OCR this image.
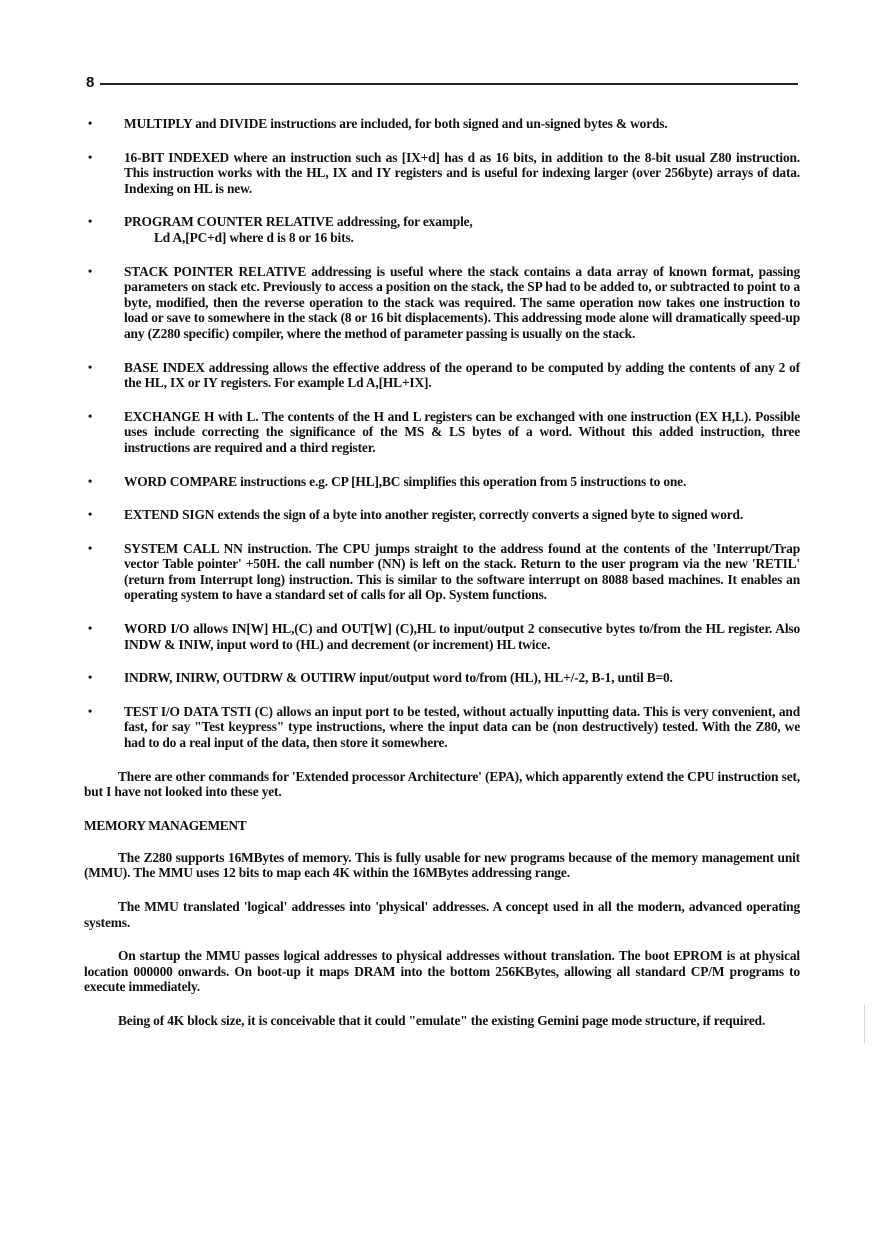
8
• MULTIPLY and DIVIDE instructions are included, for both signed and un-signed bytes & words.
• 16-BIT INDEXED where an instruction such as [IX+d] has d as 16 bits, in addition to the 8-bit usual Z80 instruction. This instruction works with the HL, IX and IY registers and is useful for indexing larger (over 256byte) arrays of data. Indexing on HL is new.
• PROGRAM COUNTER RELATIVE addressing, for example,
Ld A,[PC+d] where d is 8 or 16 bits.
• STACK POINTER RELATIVE addressing is useful where the stack contains a data array of known format, passing parameters on stack etc. Previously to access a position on the stack, the SP had to be added to, or subtracted to point to a byte, modified, then the reverse operation to the stack was required. The same operation now takes one instruction to load or save to somewhere in the stack (8 or 16 bit displacements). This addressing mode alone will dramatically speed-up any (Z280 specific) compiler, where the method of parameter passing is usually on the stack.
• BASE INDEX addressing allows the effective address of the operand to be computed by adding the contents of any 2 of the HL, IX or IY registers. For example Ld A,[HL+IX].
• EXCHANGE H with L. The contents of the H and L registers can be exchanged with one instruction (EX H,L). Possible uses include correcting the significance of the MS & LS bytes of a word. Without this added instruction, three instructions are required and a third register.
• WORD COMPARE instructions e.g. CP [HL],BC simplifies this operation from 5 instructions to one.
• EXTEND SIGN extends the sign of a byte into another register, correctly converts a signed byte to signed word.
• SYSTEM CALL NN instruction. The CPU jumps straight to the address found at the contents of the 'Interrupt/Trap vector Table pointer' +50H. the call number (NN) is left on the stack. Return to the user program via the new 'RETIL' (return from Interrupt long) instruction. This is similar to the software interrupt on 8088 based machines. It enables an operating system to have a standard set of calls for all Op. System functions.
• WORD I/O allows IN[W] HL,(C) and OUT[W] (C),HL to input/output 2 consecutive bytes to/from the HL register. Also INDW & INIW, input word to (HL) and decrement (or increment) HL twice.
• INDRW, INIRW, OUTDRW & OUTIRW input/output word to/from (HL), HL+/-2, B-1, until B=0.
• TEST I/O DATA TSTI (C) allows an input port to be tested, without actually inputting data. This is very convenient, and fast, for say "Test keypress" type instructions, where the input data can be (non destructively) tested. With the Z80, we had to do a real input of the data, then store it somewhere.

There are other commands for 'Extended processor Architecture' (EPA), which apparently extend the CPU instruction set, but I have not looked into these yet.

MEMORY MANAGEMENT

The Z280 supports 16MBytes of memory. This is fully usable for new programs because of the memory management unit (MMU). The MMU uses 12 bits to map each 4K within the 16MBytes addressing range.

The MMU translated 'logical' addresses into 'physical' addresses. A concept used in all the modern, advanced operating systems.

On startup the MMU passes logical addresses to physical addresses without translation. The boot EPROM is at physical location 000000 onwards. On boot-up it maps DRAM into the bottom 256KBytes, allowing all standard CP/M programs to execute immediately.

Being of 4K block size, it is conceivable that it could "emulate" the existing Gemini page mode structure, if required.
